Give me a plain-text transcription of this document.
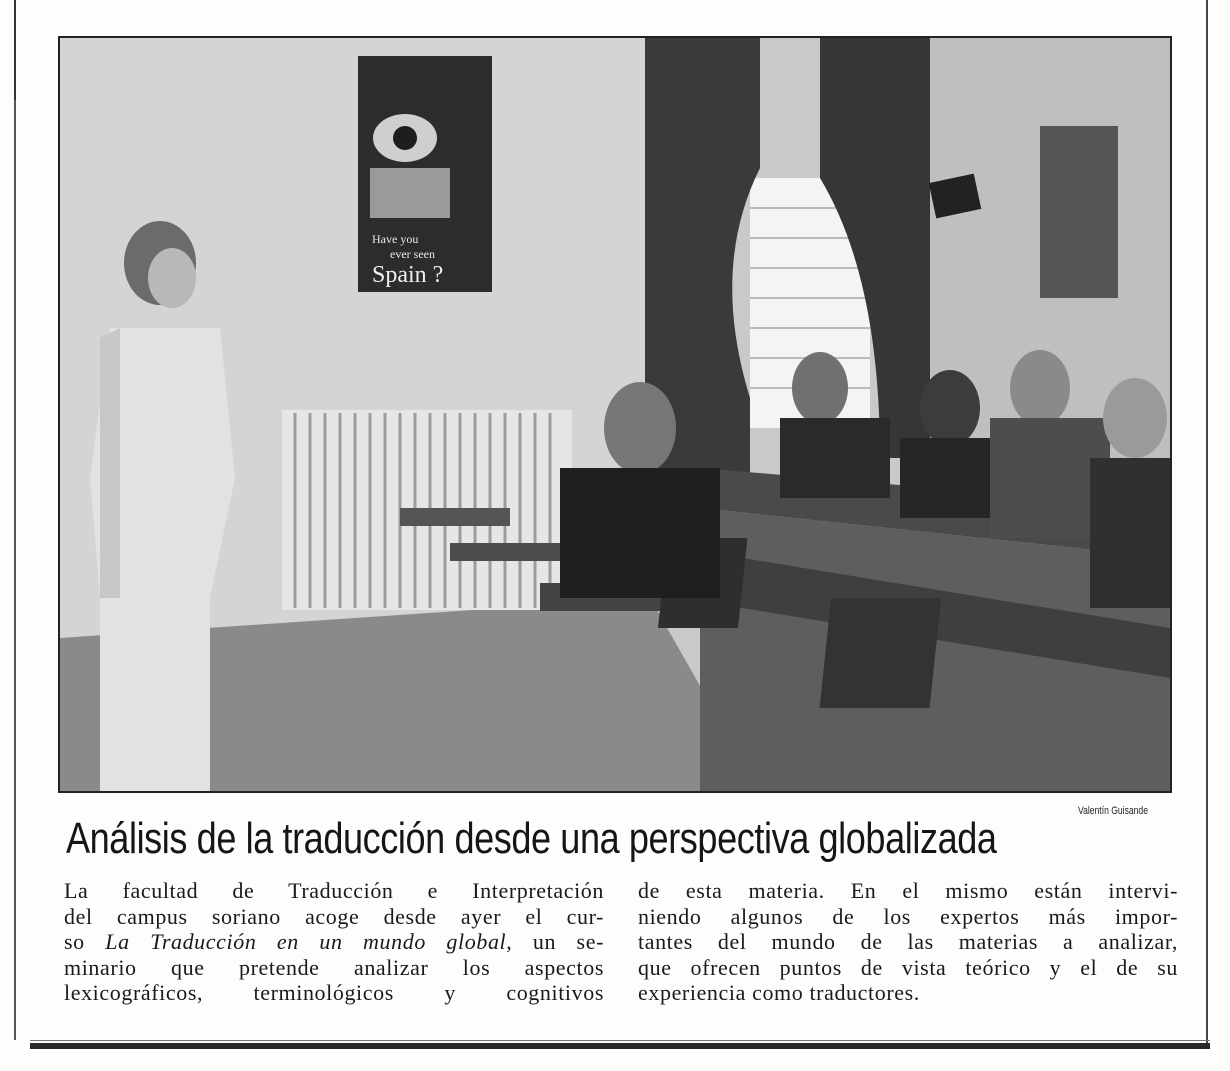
Have you
ever seen
Spain ?
Valentín Guisande
Análisis de la traducción desde una perspectiva globalizada
La facultad de Traducción e Interpretación
del campus soriano acoge desde ayer el cur-
so La Traducción en un mundo global, un se-
minario que pretende analizar los aspectos
lexicográficos, terminológicos y cognitivos
de esta materia. En el mismo están intervi-
niendo algunos de los expertos más impor-
tantes del mundo de las materias a analizar,
que ofrecen puntos de vista teórico y el de su
experiencia como traductores.
